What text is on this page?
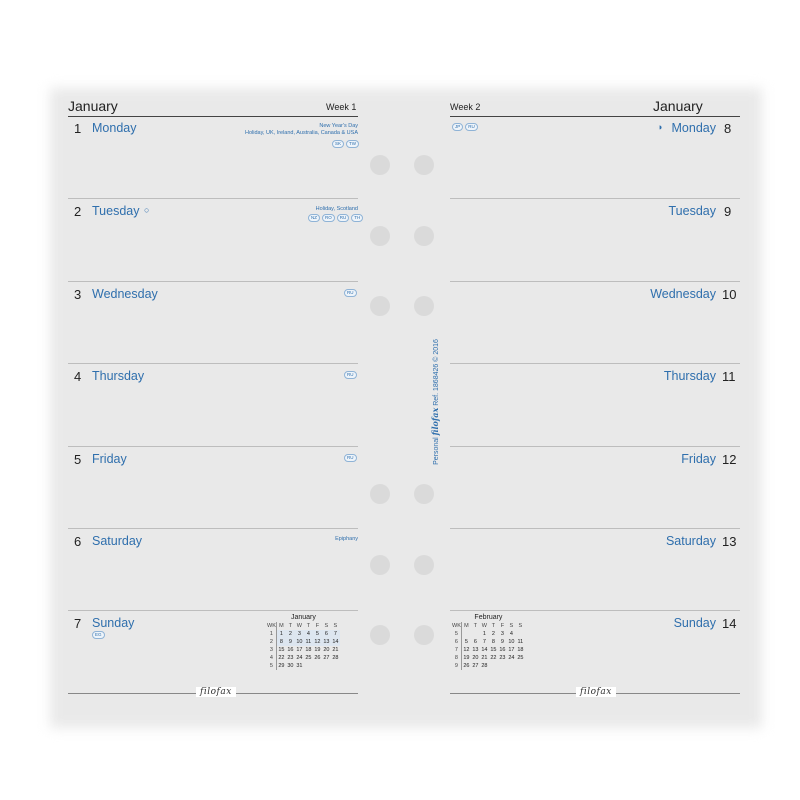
January	Week 1	Week 2	January
1 Monday	New Year's Day
Holiday, UK, Ireland, Australia, Canada & USA
SK	TW
2 Tuesday ○	Holiday, Scotland
NZ	RO	RU	TH
3 Wednesday	RU
4 Thursday	RU
5 Friday	RU
6 Saturday	Epiphany
7 Sunday
EG
January
WK	M	T	W	T	F	S	S
1	1	2	3	4	5	6	7
2	8	9	10	11	12	13	14
3	15	16	17	18	19	20	21
4	22	23	24	25	26	27	28
5	29	30	31				
filofax
JP	RU	◑ Monday 8
Tuesday 9
Wednesday 10
Thursday 11
Friday 12
Saturday 13
Sunday 14
February
WK	M	T	W	T	F	S	S
5			1	2	3	4	
6	5	6	7	8	9	10	11
7	12	13	14	15	16	17	18
8	19	20	21	22	23	24	25
9	26	27	28				
filofax
Personal filofax Ref. 1868426 © 2016
